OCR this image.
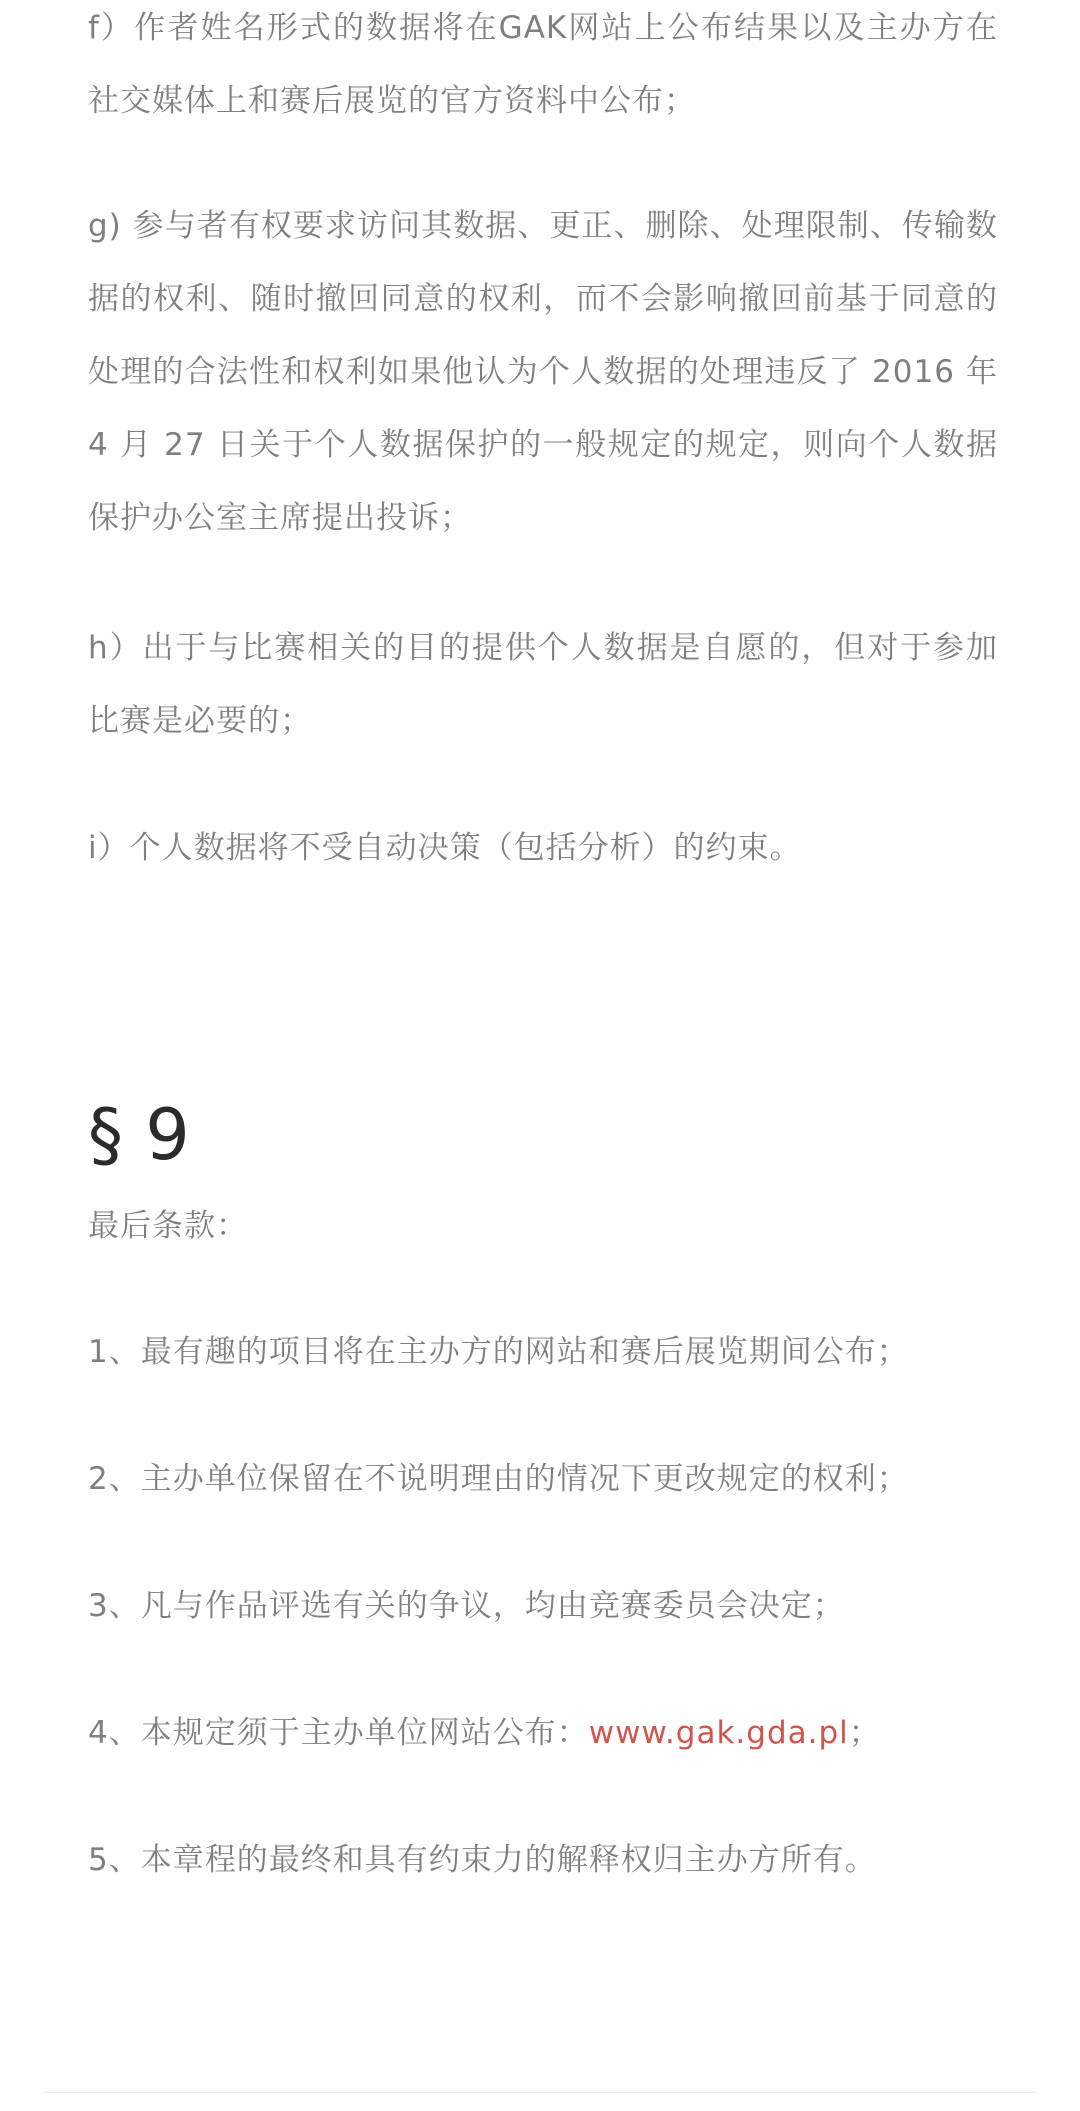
f）作者姓名形式的数据将在GAK网站上公布结果以及主办方在社交媒体上和赛后展览的官方资料中公布；

g) 参与者有权要求访问其数据、更正、删除、处理限制、传输数据的权利、随时撤回同意的权利，而不会影响撤回前基于同意的处理的合法性和权利如果他认为个人数据的处理违反了 2016 年 4 月 27 日关于个人数据保护的一般规定的规定，则向个人数据保护办公室主席提出投诉；

h）出于与比赛相关的目的提供个人数据是自愿的，但对于参加比赛是必要的；

i）个人数据将不受自动决策（包括分析）的约束。

§ 9

最后条款：

1、最有趣的项目将在主办方的网站和赛后展览期间公布；

2、主办单位保留在不说明理由的情况下更改规定的权利；

3、凡与作品评选有关的争议，均由竞赛委员会决定；

4、本规定须于主办单位网站公布：www.gak.gda.pl；

5、本章程的最终和具有约束力的解释权归主办方所有。
